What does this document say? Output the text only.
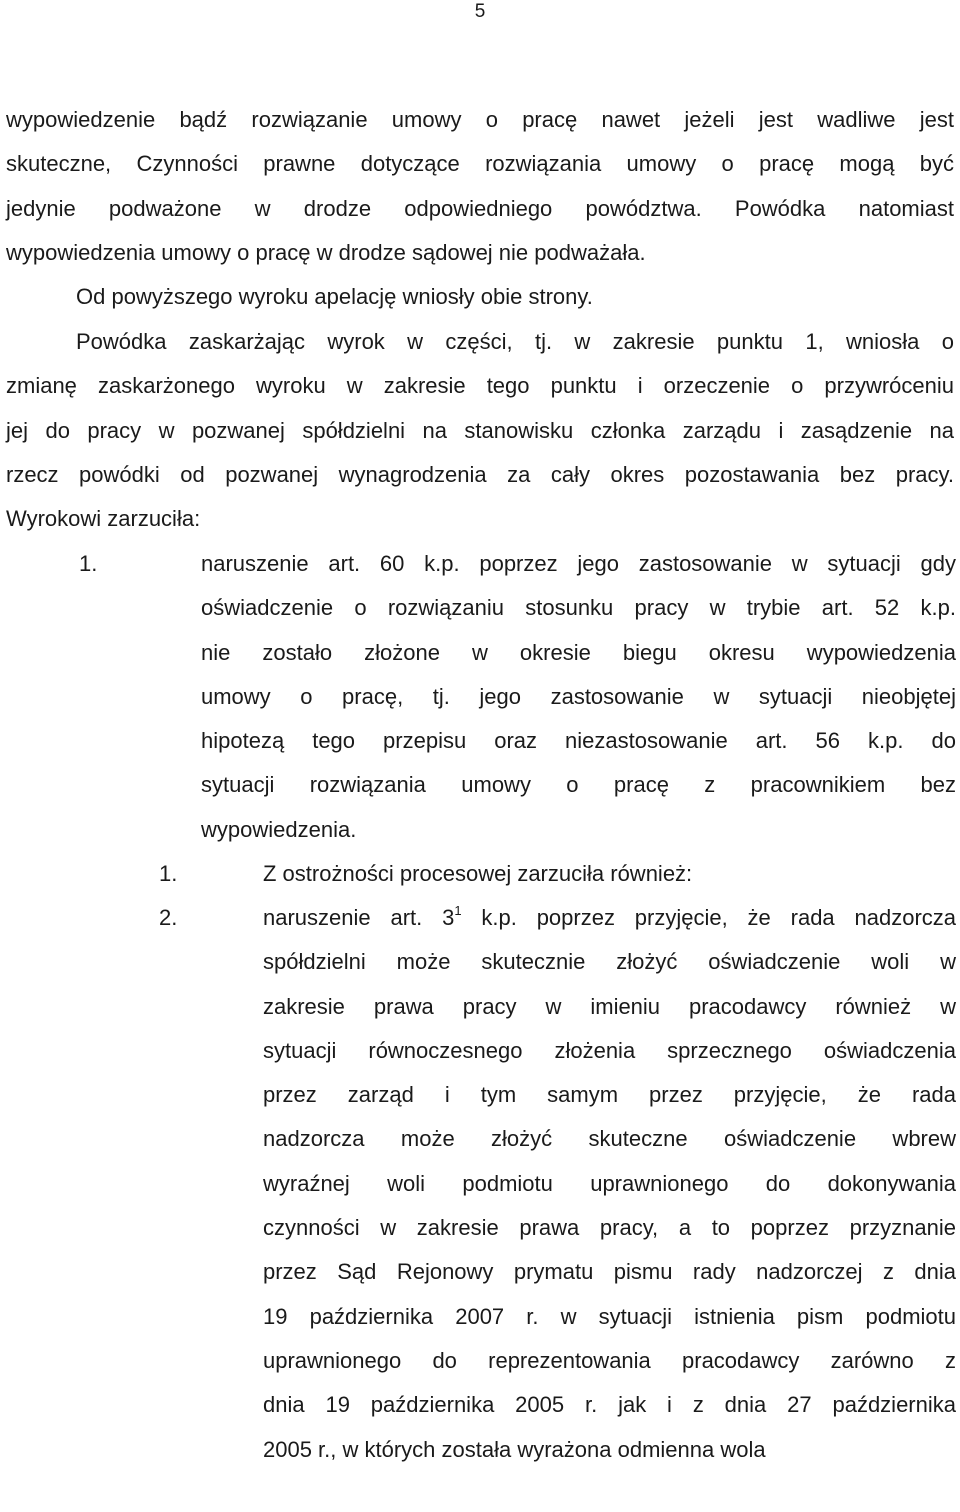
5
wypowiedzenie bądź rozwiązanie umowy o pracę nawet jeżeli jest wadliwe jest
skuteczne, Czynności prawne dotyczące rozwiązania umowy o pracę mogą być
jedynie podważone w drodze odpowiedniego powództwa. Powódka natomiast
wypowiedzenia umowy o pracę w drodze sądowej nie podważała.
Od powyższego wyroku apelację wniosły obie strony.
Powódka zaskarżając wyrok w części, tj. w zakresie punktu 1, wniosła o
zmianę zaskarżonego wyroku w zakresie tego punktu i orzeczenie o przywróceniu
jej do pracy w pozwanej spółdzielni na stanowisku członka zarządu i zasądzenie na
rzecz powódki od pozwanej wynagrodzenia za cały okres pozostawania bez pracy.
Wyrokowi zarzuciła:
1.	naruszenie art. 60 k.p. poprzez jego zastosowanie w sytuacji gdy
oświadczenie o rozwiązaniu stosunku pracy w trybie art. 52 k.p.
nie zostało złożone w okresie biegu okresu wypowiedzenia
umowy o pracę, tj. jego zastosowanie w sytuacji nieobjętej
hipotezą tego przepisu oraz niezastosowanie art. 56 k.p. do
sytuacji rozwiązania umowy o pracę z pracownikiem bez
wypowiedzenia.
1.	Z ostrożności procesowej zarzuciła również:
2.	naruszenie art. $3^1$ k.p. poprzez przyjęcie, że rada nadzorcza
spółdzielni może skutecznie złożyć oświadczenie woli w
zakresie prawa pracy w imieniu pracodawcy również w
sytuacji równoczesnego złożenia sprzecznego oświadczenia
przez zarząd i tym samym przez przyjęcie, że rada
nadzorcza może złożyć skuteczne oświadczenie wbrew
wyraźnej woli podmiotu uprawnionego do dokonywania
czynności w zakresie prawa pracy, a to poprzez przyznanie
przez Sąd Rejonowy prymatu pismu rady nadzorczej z dnia
19 października 2007 r. w sytuacji istnienia pism podmiotu
uprawnionego do reprezentowania pracodawcy zarówno z
dnia 19 października 2005 r. jak i z dnia 27 października
2005 r., w których została wyrażona odmienna wola
